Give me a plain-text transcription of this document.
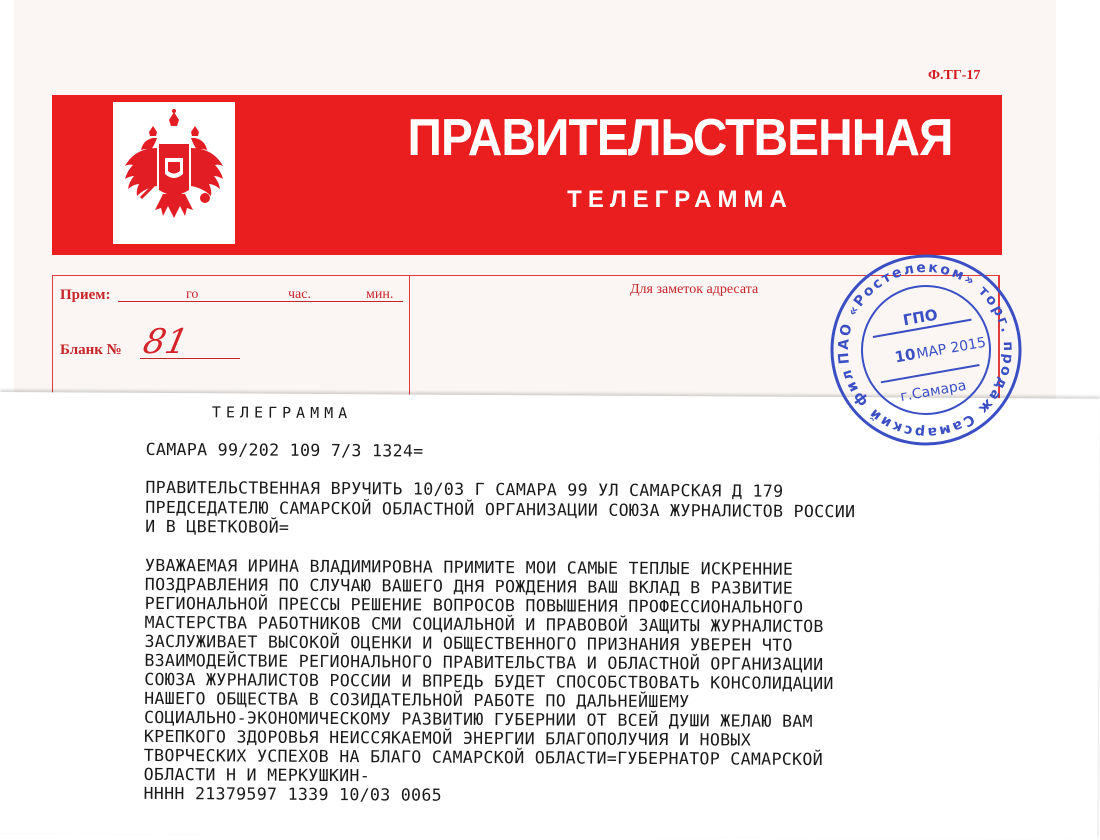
Ф.ТГ-17
ПРАВИТЕЛЬСТВЕННАЯ
ТЕЛЕГРАММА
Прием:	го	час.	мин.
Бланк № 81
Для заметок адресата
ТЕЛЕГРАММА
САМАРА 99/202 109 7/3 1324=
ПРАВИТЕЛЬСТВЕННАЯ ВРУЧИТЬ 10/03 Г САМАРА 99 УЛ САМАРСКАЯ Д 179
ПРЕДСЕДАТЕЛЮ САМАРСКОЙ ОБЛАСТНОЙ ОРГАНИЗАЦИИ СОЮЗА ЖУРНАЛИСТОВ РОССИИ
И В ЦВЕТКОВОЙ=
УВАЖАЕМАЯ ИРИНА ВЛАДИМИРОВНА ПРИМИТЕ МОИ САМЫЕ ТЕПЛЫЕ ИСКРЕННИЕ
ПОЗДРАВЛЕНИЯ ПО СЛУЧАЮ ВАШЕГО ДНЯ РОЖДЕНИЯ ВАШ ВКЛАД В РАЗВИТИЕ
РЕГИОНАЛЬНОЙ ПРЕССЫ РЕШЕНИЕ ВОПРОСОВ ПОВЫШЕНИЯ ПРОФЕССИОНАЛЬНОГО
МАСТЕРСТВА РАБОТНИКОВ СМИ СОЦИАЛЬНОЙ И ПРАВОВОЙ ЗАЩИТЫ ЖУРНАЛИСТОВ
ЗАСЛУЖИВАЕТ ВЫСОКОЙ ОЦЕНКИ И ОБЩЕСТВЕННОГО ПРИЗНАНИЯ УВЕРЕН ЧТО
ВЗАИМОДЕЙСТВИЕ РЕГИОНАЛЬНОГО ПРАВИТЕЛЬСТВА И ОБЛАСТНОЙ ОРГАНИЗАЦИИ
СОЮЗА ЖУРНАЛИСТОВ РОССИИ И ВПРЕДЬ БУДЕТ СПОСОБСТВОВАТЬ КОНСОЛИДАЦИИ
НАШЕГО ОБЩЕСТВА В СОЗИДАТЕЛЬНОЙ РАБОТЕ ПО ДАЛЬНЕЙШЕМУ
СОЦИАЛЬНО-ЭКОНОМИЧЕСКОМУ РАЗВИТИЮ ГУБЕРНИИ ОТ ВСЕЙ ДУШИ ЖЕЛАЮ ВАМ
КРЕПКОГО ЗДОРОВЬЯ НЕИССЯКАЕМОЙ ЭНЕРГИИ БЛАГОПОЛУЧИЯ И НОВЫХ
ТВОРЧЕСКИХ УСПЕХОВ НА БЛАГО САМАРСКОЙ ОБЛАСТИ=ГУБЕРНАТОР САМАРСКОЙ
ОБЛАСТИ Н И МЕРКУШКИН-
НННН 21379597 1339 10/03 0065
ПАО «Ростелеком» торг. продаж Самарский филиал
ГПО
10
МАР 2015
г.Самара
